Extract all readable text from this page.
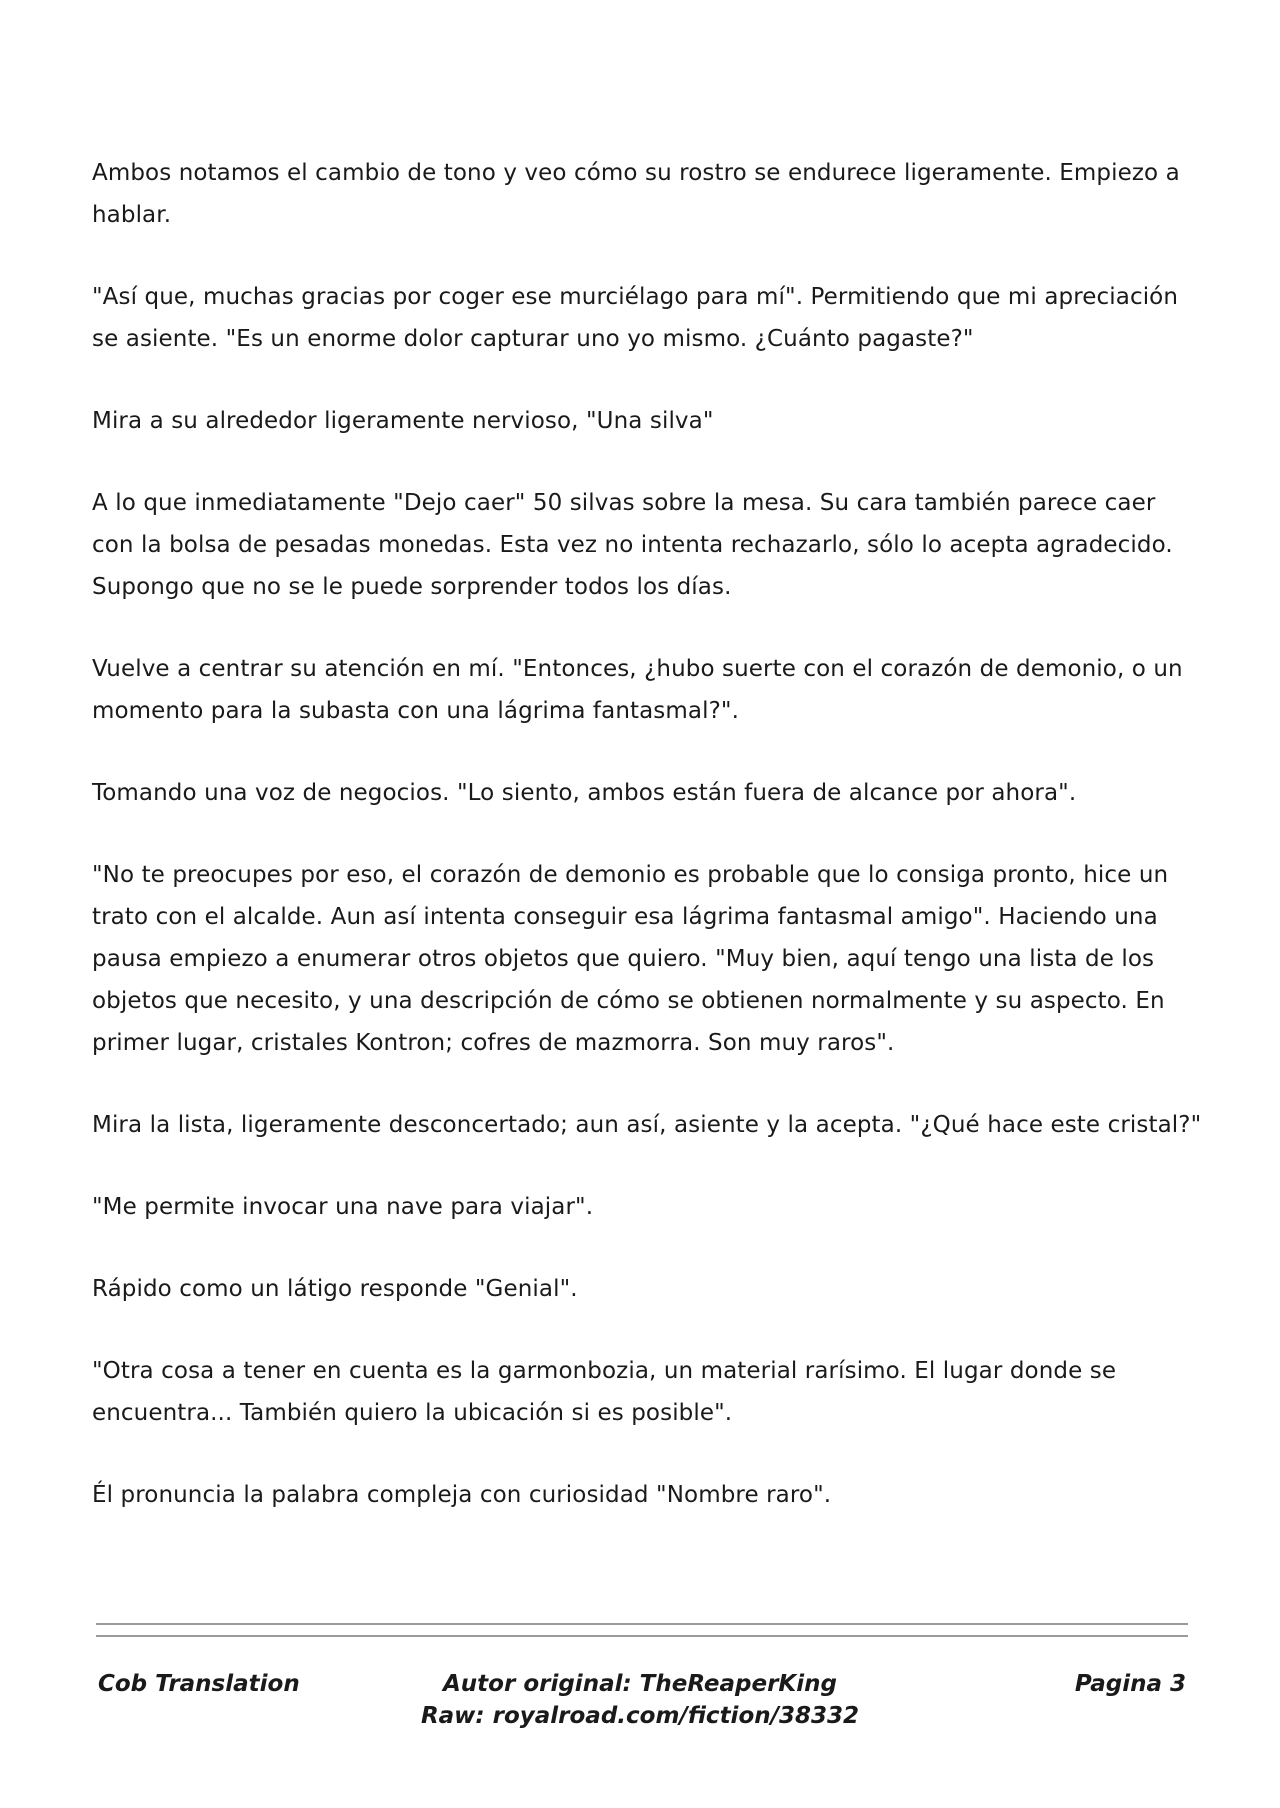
Ambos notamos el cambio de tono y veo cómo su rostro se endurece ligeramente. Empiezo a hablar.

"Así que, muchas gracias por coger ese murciélago para mí". Permitiendo que mi apreciación se asiente. "Es un enorme dolor capturar uno yo mismo. ¿Cuánto pagaste?"

Mira a su alrededor ligeramente nervioso, "Una silva"

A lo que inmediatamente "Dejo caer" 50 silvas sobre la mesa. Su cara también parece caer con la bolsa de pesadas monedas. Esta vez no intenta rechazarlo, sólo lo acepta agradecido. Supongo que no se le puede sorprender todos los días.

Vuelve a centrar su atención en mí. "Entonces, ¿hubo suerte con el corazón de demonio, o un momento para la subasta con una lágrima fantasmal?".

Tomando una voz de negocios. "Lo siento, ambos están fuera de alcance por ahora".

"No te preocupes por eso, el corazón de demonio es probable que lo consiga pronto, hice un trato con el alcalde. Aun así intenta conseguir esa lágrima fantasmal amigo". Haciendo una pausa empiezo a enumerar otros objetos que quiero. "Muy bien, aquí tengo una lista de los objetos que necesito, y una descripción de cómo se obtienen normalmente y su aspecto. En primer lugar, cristales Kontron; cofres de mazmorra. Son muy raros".

Mira la lista, ligeramente desconcertado; aun así, asiente y la acepta. "¿Qué hace este cristal?"

"Me permite invocar una nave para viajar".

Rápido como un látigo responde "Genial".

"Otra cosa a tener en cuenta es la garmonbozia, un material rarísimo. El lugar donde se encuentra... También quiero la ubicación si es posible".

Él pronuncia la palabra compleja con curiosidad "Nombre raro".

Cob Translation	Autor original: TheReaperKing
Raw: royalroad.com/fiction/38332
Pagina 3
